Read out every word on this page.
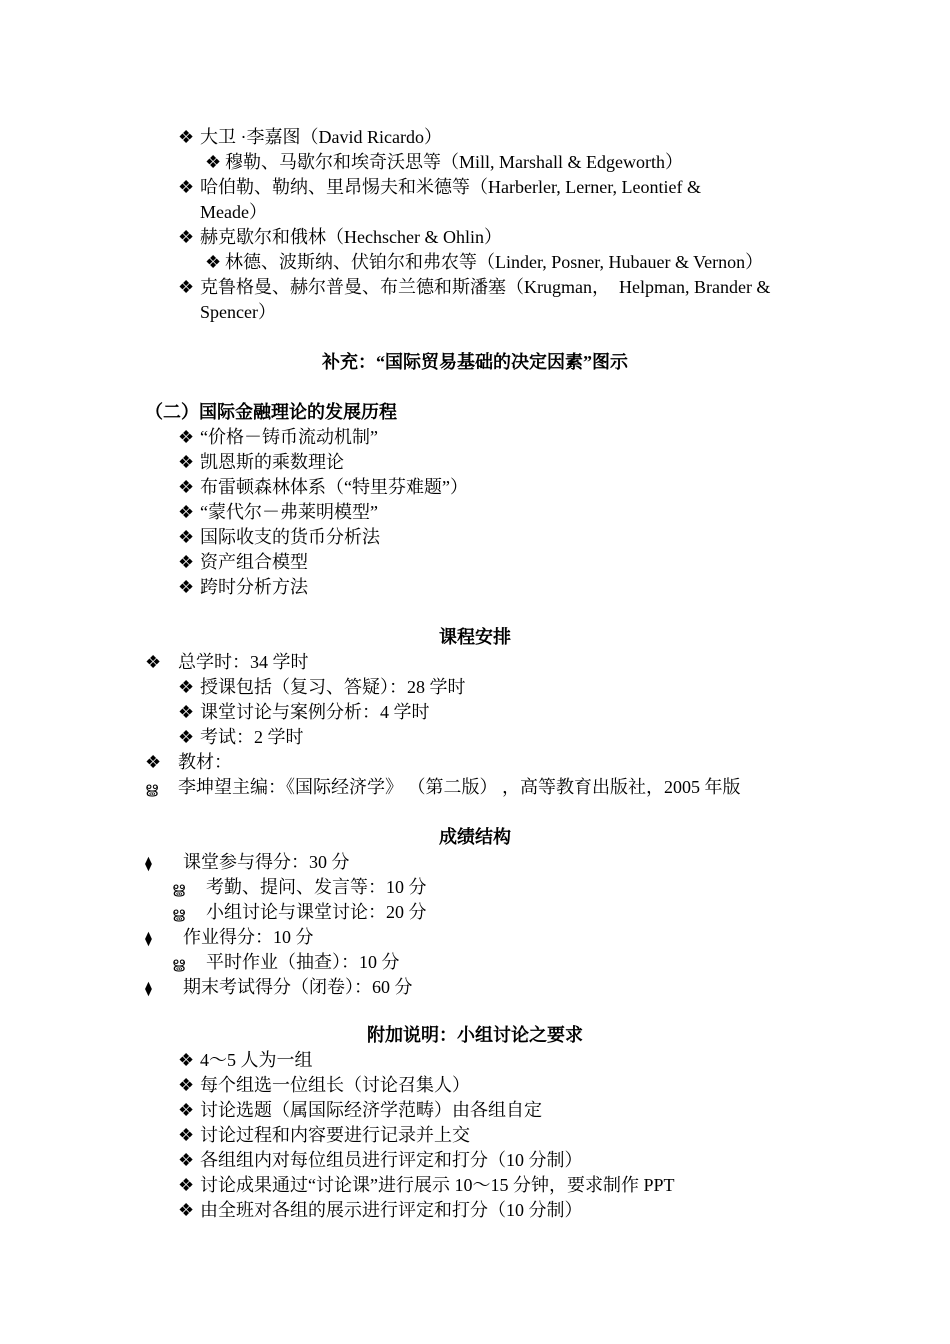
❖ 大卫 ·李嘉图（David Ricardo）
❖ 穆勒、马歇尔和埃奇沃思等（Mill, Marshall & Edgeworth）
❖ 哈伯勒、勒纳、里昂惕夫和米德等（Harberler, Lerner, Leontief &
Meade）
❖ 赫克歇尔和俄林（Hechscher & Ohlin）
❖ 林德、波斯纳、伏铂尔和弗农等（Linder, Posner, Hubauer & Vernon）
❖ 克鲁格曼、赫尔普曼、布兰德和斯潘塞（Krugman，　Helpman, Brander &
Spencer）
补充：“国际贸易基础的决定因素”图示
（二）国际金融理论的发展历程
❖ “价格－铸币流动机制”
❖ 凯恩斯的乘数理论
❖ 布雷顿森林体系（“特里芬难题”）
❖ “蒙代尔－弗莱明模型”
❖ 国际收支的货币分析法
❖ 资产组合模型
❖ 跨时分析方法
课程安排
❖ 总学时：34 学时
❖ 授课包括（复习、答疑）：28 学时
❖ 课堂讨论与案例分析：4 学时
❖ 考试：2 学时
❖ 教材：
ൠ 李坤望主编：《国际经济学》 （第二版） ，高等教育出版社，2005 年版
成绩结构
⧫ 课堂参与得分：30 分
ൠ 考勤、提问、发言等：10 分
ൠ 小组讨论与课堂讨论：20 分
⧫ 作业得分：10 分
ൠ 平时作业（抽查）：10 分
⧫ 期末考试得分（闭卷）：60 分
附加说明：小组讨论之要求
❖ 4～5 人为一组
❖ 每个组选一位组长（讨论召集人）
❖ 讨论选题（属国际经济学范畴）由各组自定
❖ 讨论过程和内容要进行记录并上交
❖ 各组组内对每位组员进行评定和打分（10 分制）
❖ 讨论成果通过“讨论课”进行展示 10～15 分钟，要求制作 PPT
❖ 由全班对各组的展示进行评定和打分（10 分制）
